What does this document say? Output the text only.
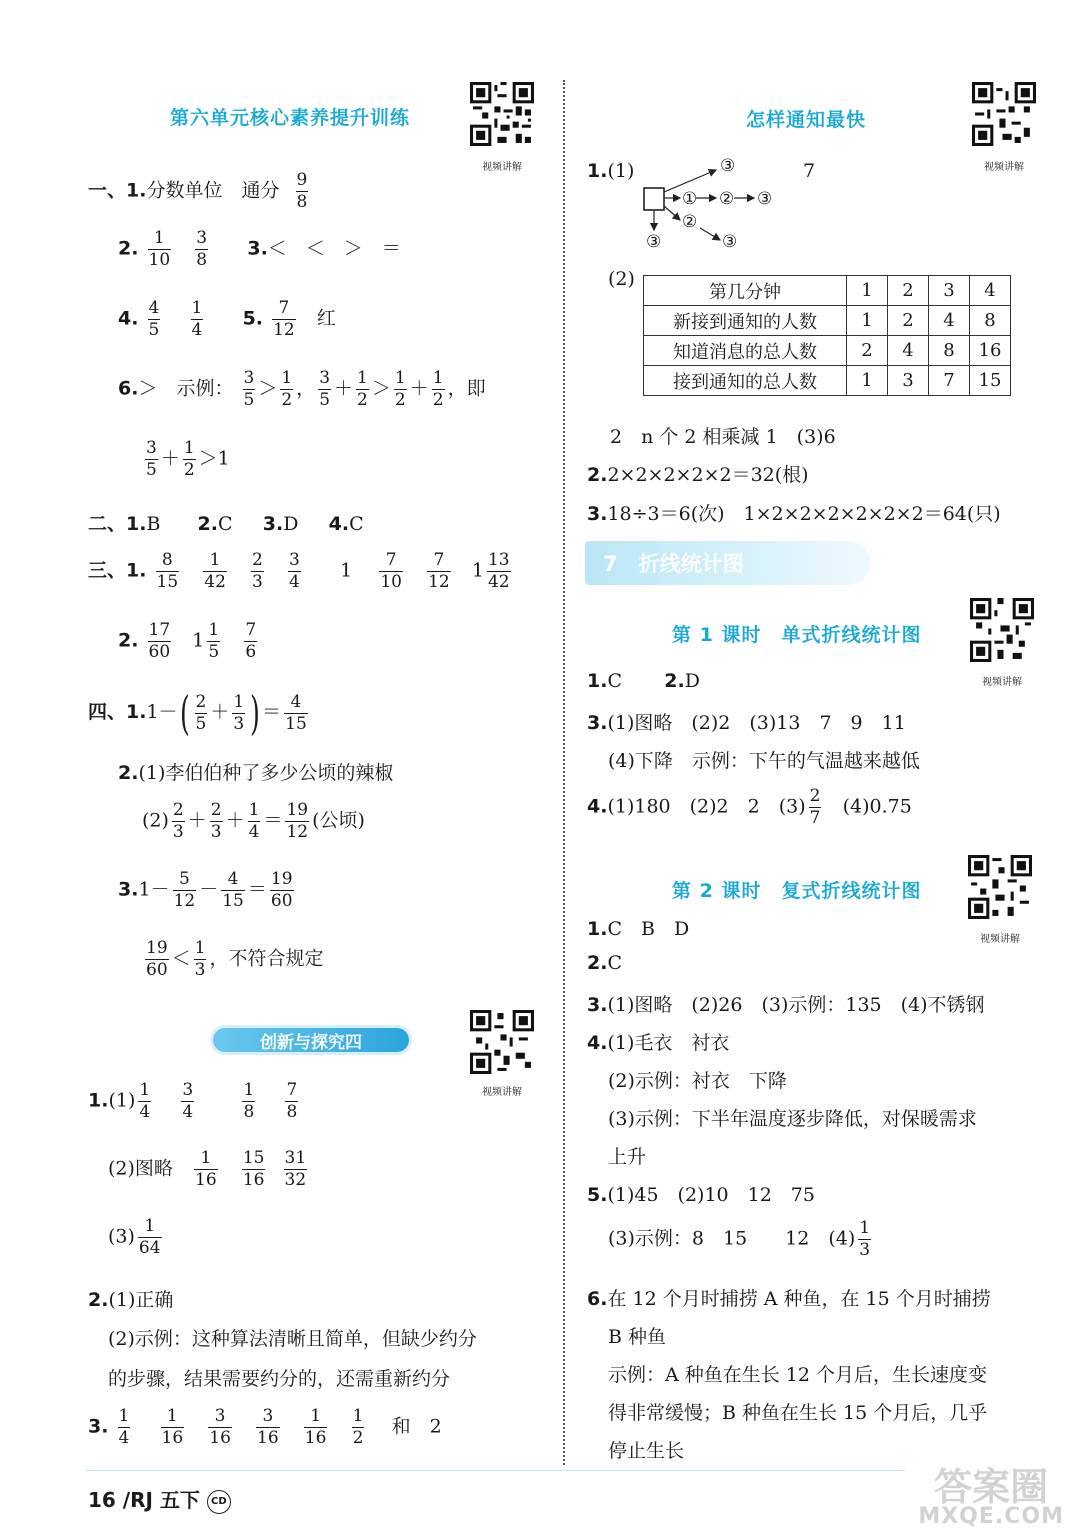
第六单元核心素养提升训练
视频讲解
一、1.分数单位　通分 $\frac{9}{8}$
2. $\frac{1}{10}$
$\frac{3}{8} 3.<$　＜　＞　＝
4. $\frac{4}{5}$
$\frac{1}{4} 5$. $\frac{7}{12}$ 红
6.＞　示例： $\frac{3}{5} > \frac{1}{2}$ ， $\frac{3}{5} + \frac{1}{2} > \frac{1}{2} + \frac{1}{2}$ ，即
$\frac{3}{5} + \frac{1}{2} >1$
二、1.B　   2.C 3.D 4.C
三、1. $\frac{8}{15}$
$\frac{1}{42}$
$\frac{2}{3}$
$\frac{3}{4} 1 \frac{7}{10}$
$\frac{7}{12} 1 \frac{13}{42}$
2. $\frac{17}{60} 1 \frac{1}{5}$
$\frac{7}{6}$
四、$1.1-( \frac{2}{5} + \frac{1}{3}$ ) ＝ $\frac{4}{15}$
2.(1)李伯伯种了多少公顷的辣椒
$(2) \frac{2}{3} + \frac{2}{3} + \frac{1}{4} = \frac{19}{12}$ (公顷)
$3.1- \frac{5}{12} - \frac{4}{15} = \frac{19}{60}$
$\frac{19}{60} < \frac{1}{3}$ ，不符合规定
创新与探究四
视频讲解
$1.(1) \frac{1}{4}$
$\frac{3}{4}$
	$\frac{1}{8}$
$\frac{7}{8}$
(2)图略 $\frac{1}{16}$
$\frac{15}{16}$
$\frac{31}{32}$
$(3) \frac{1}{64}$
2.(1)正确
(2)示例：这种算法清晰且简单，但缺少约分
的步骤，结果需要约分的，还需重新约分
3. $\frac{1}{4}$
$\frac{1}{16}$
$\frac{3}{16}$
$\frac{3}{16}$
$\frac{1}{16}$
$\frac{1}{2}$ 和　2
怎样通知最快
视频讲解
1.(1)	7
③
① ② ③
②
③
③
(2)
第几分钟	1	2	3	4
新接到通知的人数	1	2	4	8
知道消息的总人数	2	4	8	16
接到通知的总人数	1	3	7	15
2　n 个 2 相乘减 1　(3)6
2.2×2×2×2×2＝32(根)
3.18÷3＝6(次)　1×2×2×2×2×2×2＝64(只)
7　折线统计图
第 1 课时　单式折线统计图
视频讲解
1.C 2.D
3.(1)图略　(2)2　(3)13　7　9　11
(4)下降　示例：下午的气温越来越低
4.(1)180　(2)2　2　$(3) \frac{2}{7} (4)0.75$
第 2 课时　复式折线统计图
视频讲解
1.C　B　D
2.C
3.(1)图略　(2)26　(3)示例：135　(4)不锈钢
4.(1)毛衣　衬衣
(2)示例：衬衣　下降
(3)示例：下半年温度逐步降低，对保暖需求
上升
5.(1)45　(2)10　12　75
(3)示例：8　15　　12　$(4) \frac{1}{3}$
6.在 12 个月时捕捞 A 种鱼，在 15 个月时捕捞
B 种鱼
示例：A 种鱼在生长 12 个月后，生长速度变
得非常缓慢；B 种鱼在生长 15 个月后，几乎
停止生长
16 /RJ 五下 CD	答案圈
MXQE.COM
